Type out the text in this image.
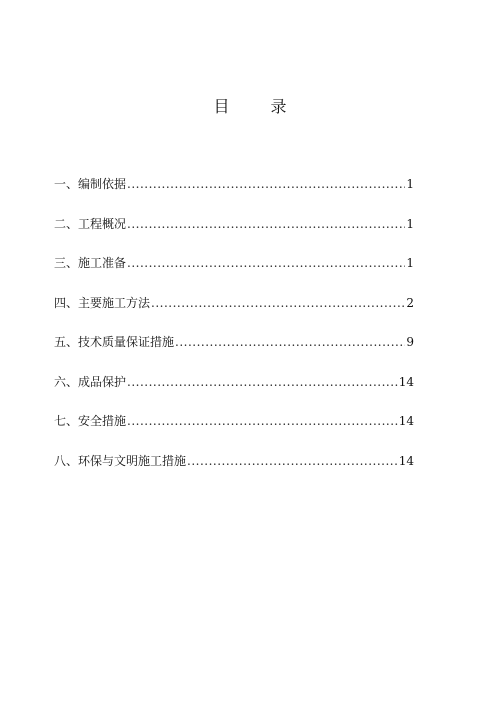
目 录
一、编制依据 .....	1
二、工程概况 .....	1
三、施工准备 .....	1
四、主要施工方法 .....	2
五、技术质量保证措施 .....	9
六、成品保护 .....	14
七、安全措施 .....	14
八、环保与文明施工措施 .....	14
